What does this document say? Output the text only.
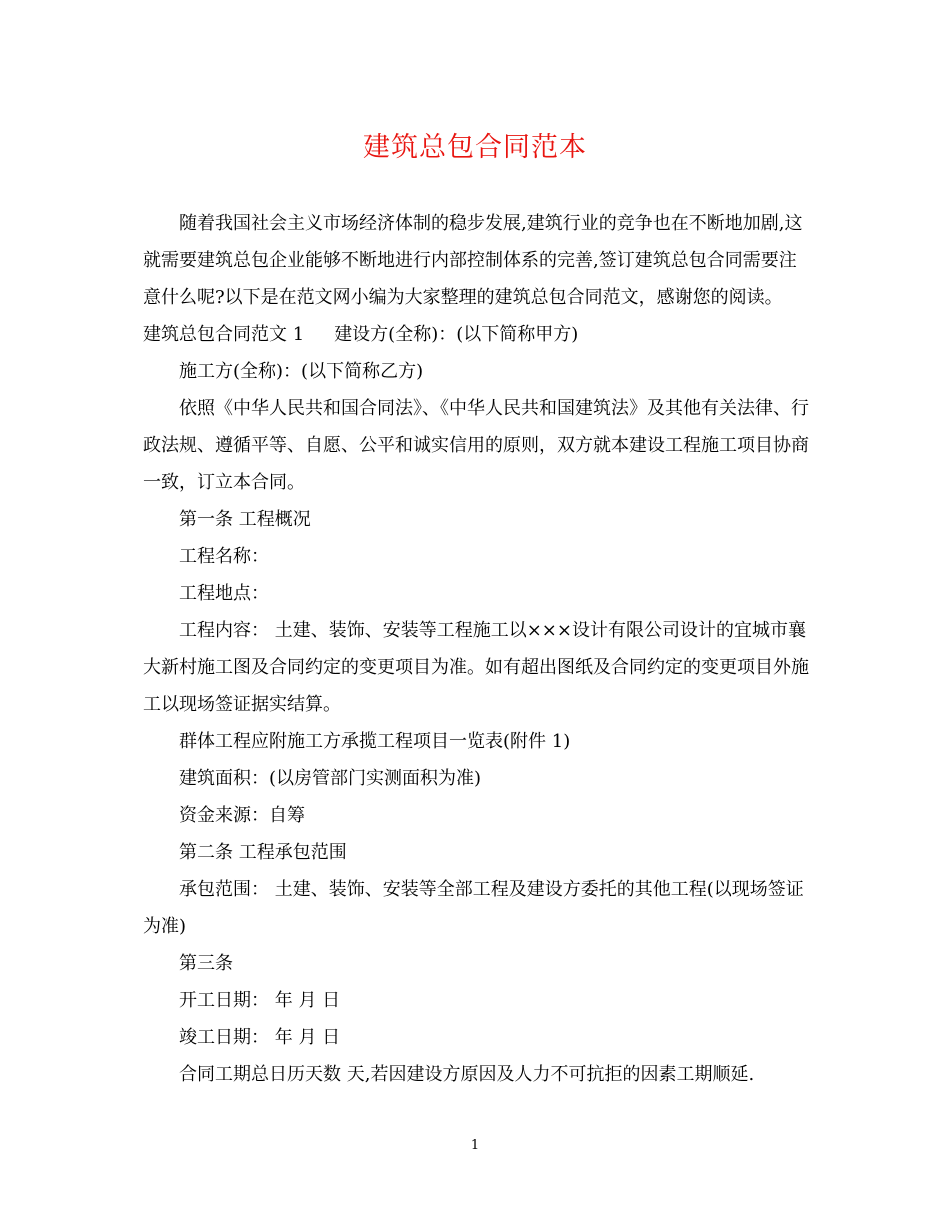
建筑总包合同范本

随着我国社会主义市场经济体制的稳步发展,建筑行业的竞争也在不断地加剧,这就需要建筑总包企业能够不断地进行内部控制体系的完善,签订建筑总包合同需要注意什么呢?以下是在范文网小编为大家整理的建筑总包合同范文，感谢您的阅读。

建筑总包合同范文 1 建设方(全称)：(以下简称甲方)

施工方(全称)：(以下简称乙方)

依照《中华人民共和国合同法》、《中华人民共和国建筑法》及其他有关法律、行政法规、遵循平等、自愿、公平和诚实信用的原则，双方就本建设工程施工项目协商一致，订立本合同。

第一条 工程概况

工程名称：

工程地点：

工程内容： 土建、装饰、安装等工程施工以×××设计有限公司设计的宜城市襄大新村施工图及合同约定的变更项目为准。如有超出图纸及合同约定的变更项目外施工以现场签证据实结算。

群体工程应附施工方承揽工程项目一览表(附件 1)

建筑面积：(以房管部门实测面积为准)

资金来源：自筹

第二条 工程承包范围

承包范围： 土建、装饰、安装等全部工程及建设方委托的其他工程(以现场签证为准)

第三条

开工日期： 年 月 日

竣工日期： 年 月 日

合同工期总日历天数 天,若因建设方原因及人力不可抗拒的因素工期顺延.

1
